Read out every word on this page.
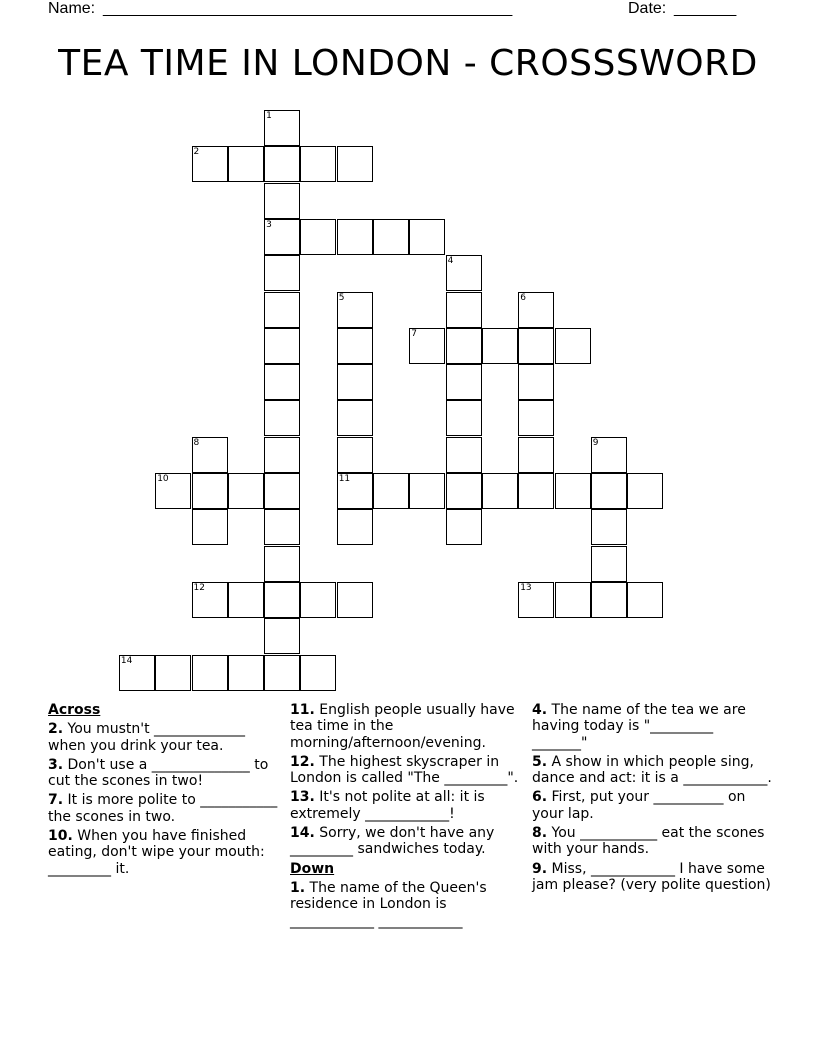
Name: ______________________________________________	Date: _______
TEA TIME IN LONDON - CROSSSWORD
1
2
3
4
5	6
7
8	9
10	11
12	13
14
Across
2. You mustn't _____________ when you drink your tea.
3. Don't use a ______________ to cut the scones in two!
7. It is more polite to ___________ the scones in two.
10. When you have finished eating, don't wipe your mouth: _________ it.
11. English people usually have tea time in the morning/afternoon/evening.
12. The highest skyscraper in London is called "The _________".
13. It's not polite at all: it is extremely ____________!
14. Sorry, we don't have any _________ sandwiches today.
Down
1. The name of the Queen's residence in London is ____________ ____________
4. The name of the tea we are having today is "_________ _______"
5. A show in which people sing, dance and act: it is a ____________.
6. First, put your __________ on your lap.
8. You ___________ eat the scones with your hands.
9. Miss, ____________ I have some jam please? (very polite question)
